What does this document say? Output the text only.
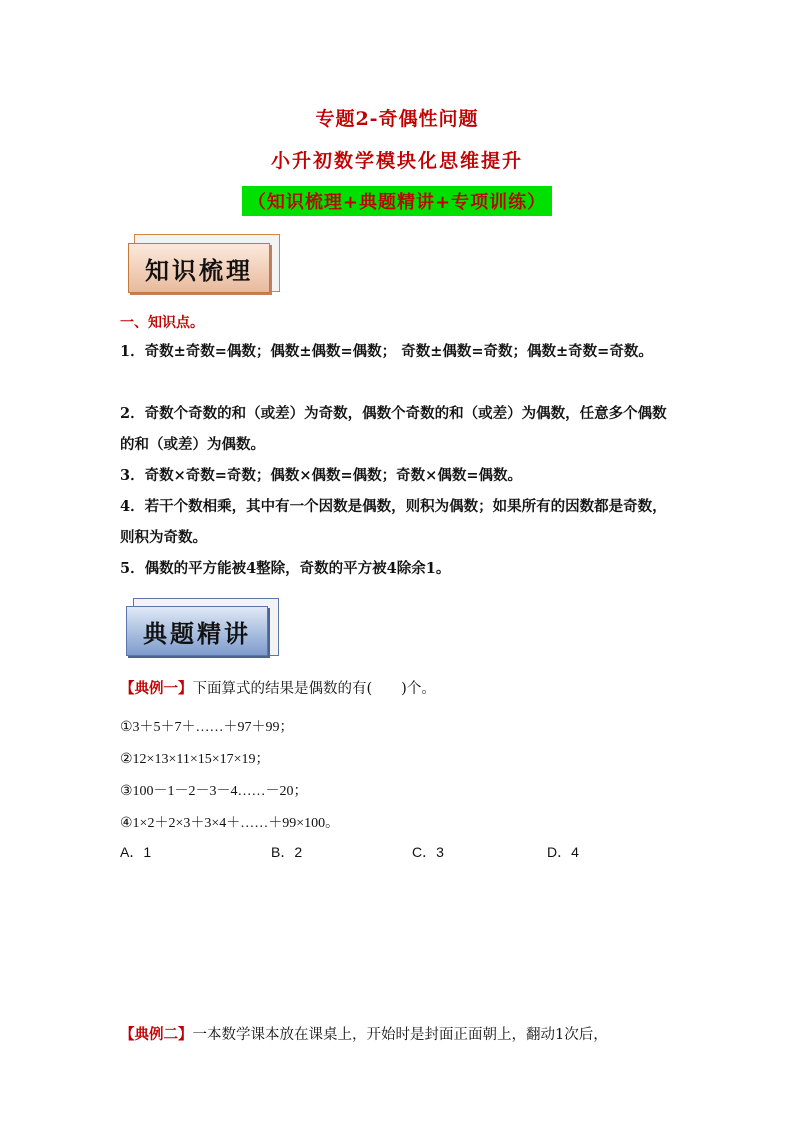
专题2-奇偶性问题
小升初数学模块化思维提升
（知识梳理+典题精讲+专项训练）
知识梳理
一、知识点。
1．奇数±奇数=偶数；偶数±偶数=偶数； 奇数±偶数=奇数；偶数±奇数=奇数。
2．奇数个奇数的和（或差）为奇数，偶数个奇数的和（或差）为偶数，任意多个偶数的和（或差）为偶数。
3．奇数×奇数=奇数；偶数×偶数=偶数；奇数×偶数=偶数。
4．若干个数相乘，其中有一个因数是偶数，则积为偶数；如果所有的因数都是奇数，则积为奇数。
5．偶数的平方能被4整除，奇数的平方被4除余1。
典题精讲
【典例一】下面算式的结果是偶数的有(　　)个。
①3＋5＋7＋……＋97＋99；
②12×13×11×15×17×19；
③100－1－2－3－4……－20；
④1×2＋2×3＋3×4＋……＋99×100。
A．1	B．2	C．3	D．4
【典例二】一本数学课本放在课桌上，开始时是封面正面朝上，翻动1次后，
